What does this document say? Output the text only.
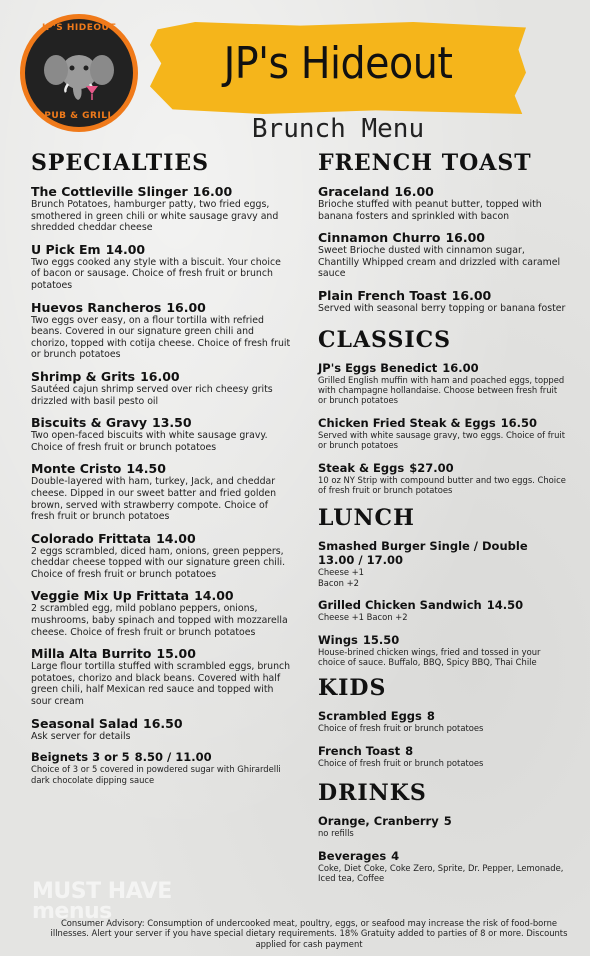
JP'S HIDEOUT
PUB & GRILL
JP's Hideout
Brunch Menu
SPECIALTIES
The Cottleville Slinger 16.00
Brunch Potatoes, hamburger patty, two fried eggs, smothered in green chili or white sausage gravy and shredded cheddar cheese
U Pick Em 14.00
Two eggs cooked any style with a biscuit. Your choice of bacon or sausage. Choice of fresh fruit or brunch potatoes
Huevos Rancheros 16.00
Two eggs over easy, on a flour tortilla with refried beans. Covered in our signature green chili and chorizo, topped with cotija cheese. Choice of fresh fruit or brunch potatoes
Shrimp & Grits 16.00
Sautéed cajun shrimp served over rich cheesy grits drizzled with basil pesto oil
Biscuits & Gravy 13.50
Two open-faced biscuits with white sausage gravy. Choice of fresh fruit or brunch potatoes
Monte Cristo 14.50
Double-layered with ham, turkey, Jack, and cheddar cheese. Dipped in our sweet batter and fried golden brown, served with strawberry compote. Choice of fresh fruit or brunch potatoes
Colorado Frittata 14.00
2 eggs scrambled, diced ham, onions, green peppers, cheddar cheese topped with our signature green chili. Choice of fresh fruit or brunch potatoes
Veggie Mix Up Frittata 14.00
2 scrambled egg, mild poblano peppers, onions, mushrooms, baby spinach and topped with mozzarella cheese. Choice of fresh fruit or brunch potatoes
Milla Alta Burrito 15.00
Large flour tortilla stuffed with scrambled eggs, brunch potatoes, chorizo and black beans. Covered with half green chili, half Mexican red sauce and topped with sour cream
Seasonal Salad 16.50
Ask server for details
Beignets 3 or 5 8.50 / 11.00
Choice of 3 or 5 covered in powdered sugar with Ghirardelli dark chocolate dipping sauce
FRENCH TOAST
Graceland 16.00
Brioche stuffed with peanut butter, topped with banana fosters and sprinkled with bacon
Cinnamon Churro 16.00
Sweet Brioche dusted with cinnamon sugar, Chantilly Whipped cream and drizzled with caramel sauce
Plain French Toast 16.00
Served with seasonal berry topping or banana foster
CLASSICS
JP's Eggs Benedict 16.00
Grilled English muffin with ham and poached eggs, topped with champagne hollandaise. Choose between fresh fruit or brunch potatoes
Chicken Fried Steak & Eggs 16.50
Served with white sausage gravy, two eggs. Choice of fruit or brunch potatoes
Steak & Eggs $27.00
10 oz NY Strip with compound butter and two eggs. Choice of fresh fruit or brunch potatoes
LUNCH
Smashed Burger Single / Double
13.00 / 17.00
Cheese +1
Bacon +2
Grilled Chicken Sandwich 14.50
Cheese +1 Bacon +2
Wings 15.50
House-brined chicken wings, fried and tossed in your choice of sauce. Buffalo, BBQ, Spicy BBQ, Thai Chile
KIDS
Scrambled Eggs 8
Choice of fresh fruit or brunch potatoes
French Toast 8
Choice of fresh fruit or brunch potatoes
DRINKS
Orange, Cranberry 5
no refills
Beverages 4
Coke, Diet Coke, Coke Zero, Sprite, Dr. Pepper, Lemonade, Iced tea, Coffee
MUST HAVE menus
Consumer Advisory: Consumption of undercooked meat, poultry, eggs, or seafood may increase the risk of food-borne illnesses. Alert your server if you have special dietary requirements. 18% Gratuity added to parties of 8 or more. Discounts applied for cash payment
